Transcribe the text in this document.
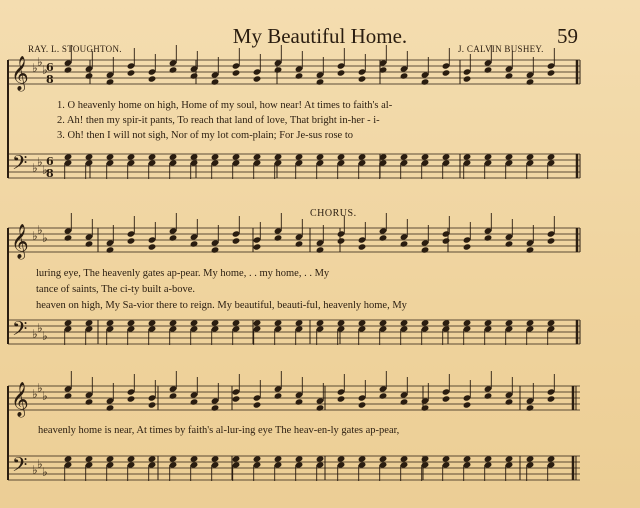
My Beautiful Home.	59
RAY. L. STOUGHTON.	J. CALVIN BUSHEY.
𝄞
𝄢
♭
♭
♭
♭
♭
♭
6
8
6
8
𝄞
𝄢
♭
♭
♭
♭
♭
♭
𝄞
𝄢
♭
♭
♭
♭
♭
♭
1. O heavenly home on high, Home of my soul, how near! At times to faith's al-
2. Ah! then my spir-it pants, To reach that land of love, That bright in-her - i-
3. Oh! then I will not sigh, Nor of my lot com-plain; For Je-sus rose to
CHORUS.
luring eye, The heavenly gates ap-pear. My home, . . my home, . . My
tance of saints, The ci-ty built a-bove.
heaven on high, My Sa-vior there to reign. My beautiful, beauti-ful, heavenly home, My
heavenly home is near, At times by faith's al-lur-ing eye The heav-en-ly gates ap-pear,
